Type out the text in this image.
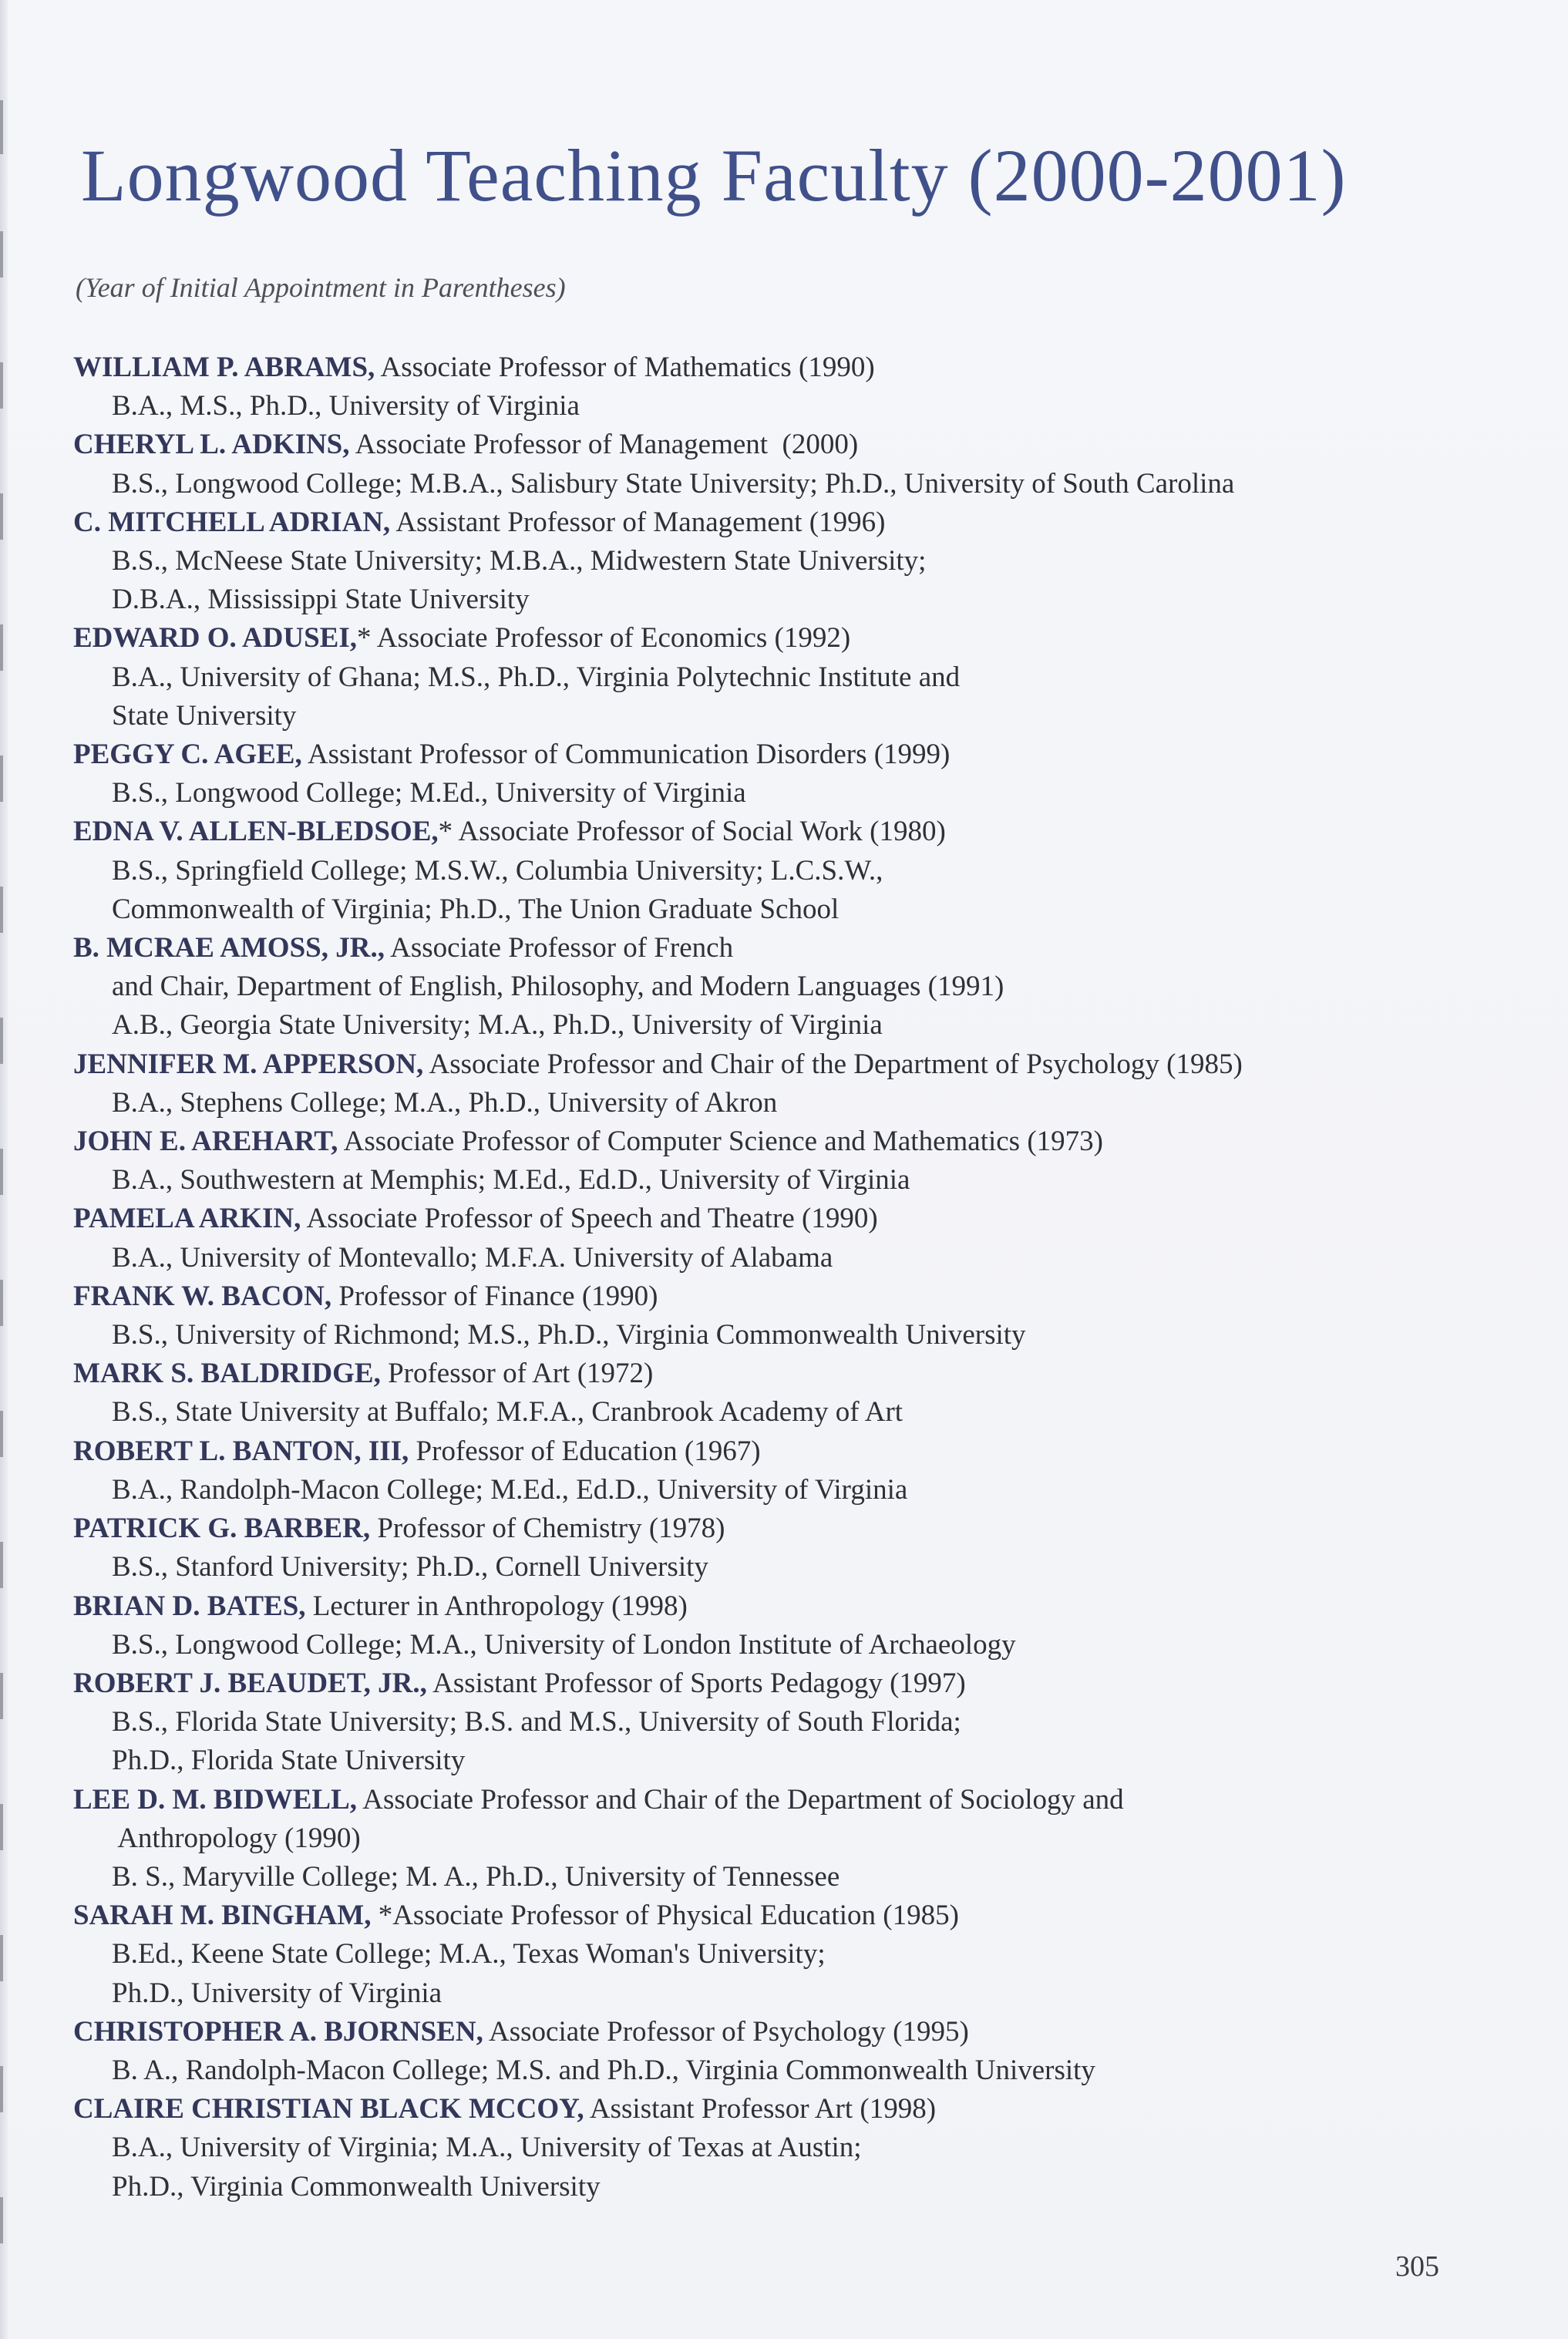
Longwood Teaching Faculty (2000-2001)
(Year of Initial Appointment in Parentheses)
WILLIAM P. ABRAMS, Associate Professor of Mathematics (1990)
B.A., M.S., Ph.D., University of Virginia
CHERYL L. ADKINS, Associate Professor of Management  (2000)
B.S., Longwood College; M.B.A., Salisbury State University; Ph.D., University of South Carolina
C. MITCHELL ADRIAN, Assistant Professor of Management (1996)
B.S., McNeese State University; M.B.A., Midwestern State University;
D.B.A., Mississippi State University
EDWARD O. ADUSEI,* Associate Professor of Economics (1992)
B.A., University of Ghana; M.S., Ph.D., Virginia Polytechnic Institute and
State University
PEGGY C. AGEE, Assistant Professor of Communication Disorders (1999)
B.S., Longwood College; M.Ed., University of Virginia
EDNA V. ALLEN-BLEDSOE,* Associate Professor of Social Work (1980)
B.S., Springfield College; M.S.W., Columbia University; L.C.S.W.,
Commonwealth of Virginia; Ph.D., The Union Graduate School
B. MCRAE AMOSS, JR., Associate Professor of French
and Chair, Department of English, Philosophy, and Modern Languages (1991)
A.B., Georgia State University; M.A., Ph.D., University of Virginia
JENNIFER M. APPERSON, Associate Professor and Chair of the Department of Psychology (1985)
B.A., Stephens College; M.A., Ph.D., University of Akron
JOHN E. AREHART, Associate Professor of Computer Science and Mathematics (1973)
B.A., Southwestern at Memphis; M.Ed., Ed.D., University of Virginia
PAMELA ARKIN, Associate Professor of Speech and Theatre (1990)
B.A., University of Montevallo; M.F.A. University of Alabama
FRANK W. BACON, Professor of Finance (1990)
B.S., University of Richmond; M.S., Ph.D., Virginia Commonwealth University
MARK S. BALDRIDGE, Professor of Art (1972)
B.S., State University at Buffalo; M.F.A., Cranbrook Academy of Art
ROBERT L. BANTON, III, Professor of Education (1967)
B.A., Randolph-Macon College; M.Ed., Ed.D., University of Virginia
PATRICK G. BARBER, Professor of Chemistry (1978)
B.S., Stanford University; Ph.D., Cornell University
BRIAN D. BATES, Lecturer in Anthropology (1998)
B.S., Longwood College; M.A., University of London Institute of Archaeology
ROBERT J. BEAUDET, JR., Assistant Professor of Sports Pedagogy (1997)
B.S., Florida State University; B.S. and M.S., University of South Florida;
Ph.D., Florida State University
LEE D. M. BIDWELL, Associate Professor and Chair of the Department of Sociology and
Anthropology (1990)
B. S., Maryville College; M. A., Ph.D., University of Tennessee
SARAH M. BINGHAM, *Associate Professor of Physical Education (1985)
B.Ed., Keene State College; M.A., Texas Woman's University;
Ph.D., University of Virginia
CHRISTOPHER A. BJORNSEN, Associate Professor of Psychology (1995)
B. A., Randolph-Macon College; M.S. and Ph.D., Virginia Commonwealth University
CLAIRE CHRISTIAN BLACK MCCOY, Assistant Professor Art (1998)
B.A., University of Virginia; M.A., University of Texas at Austin;
Ph.D., Virginia Commonwealth University
305
